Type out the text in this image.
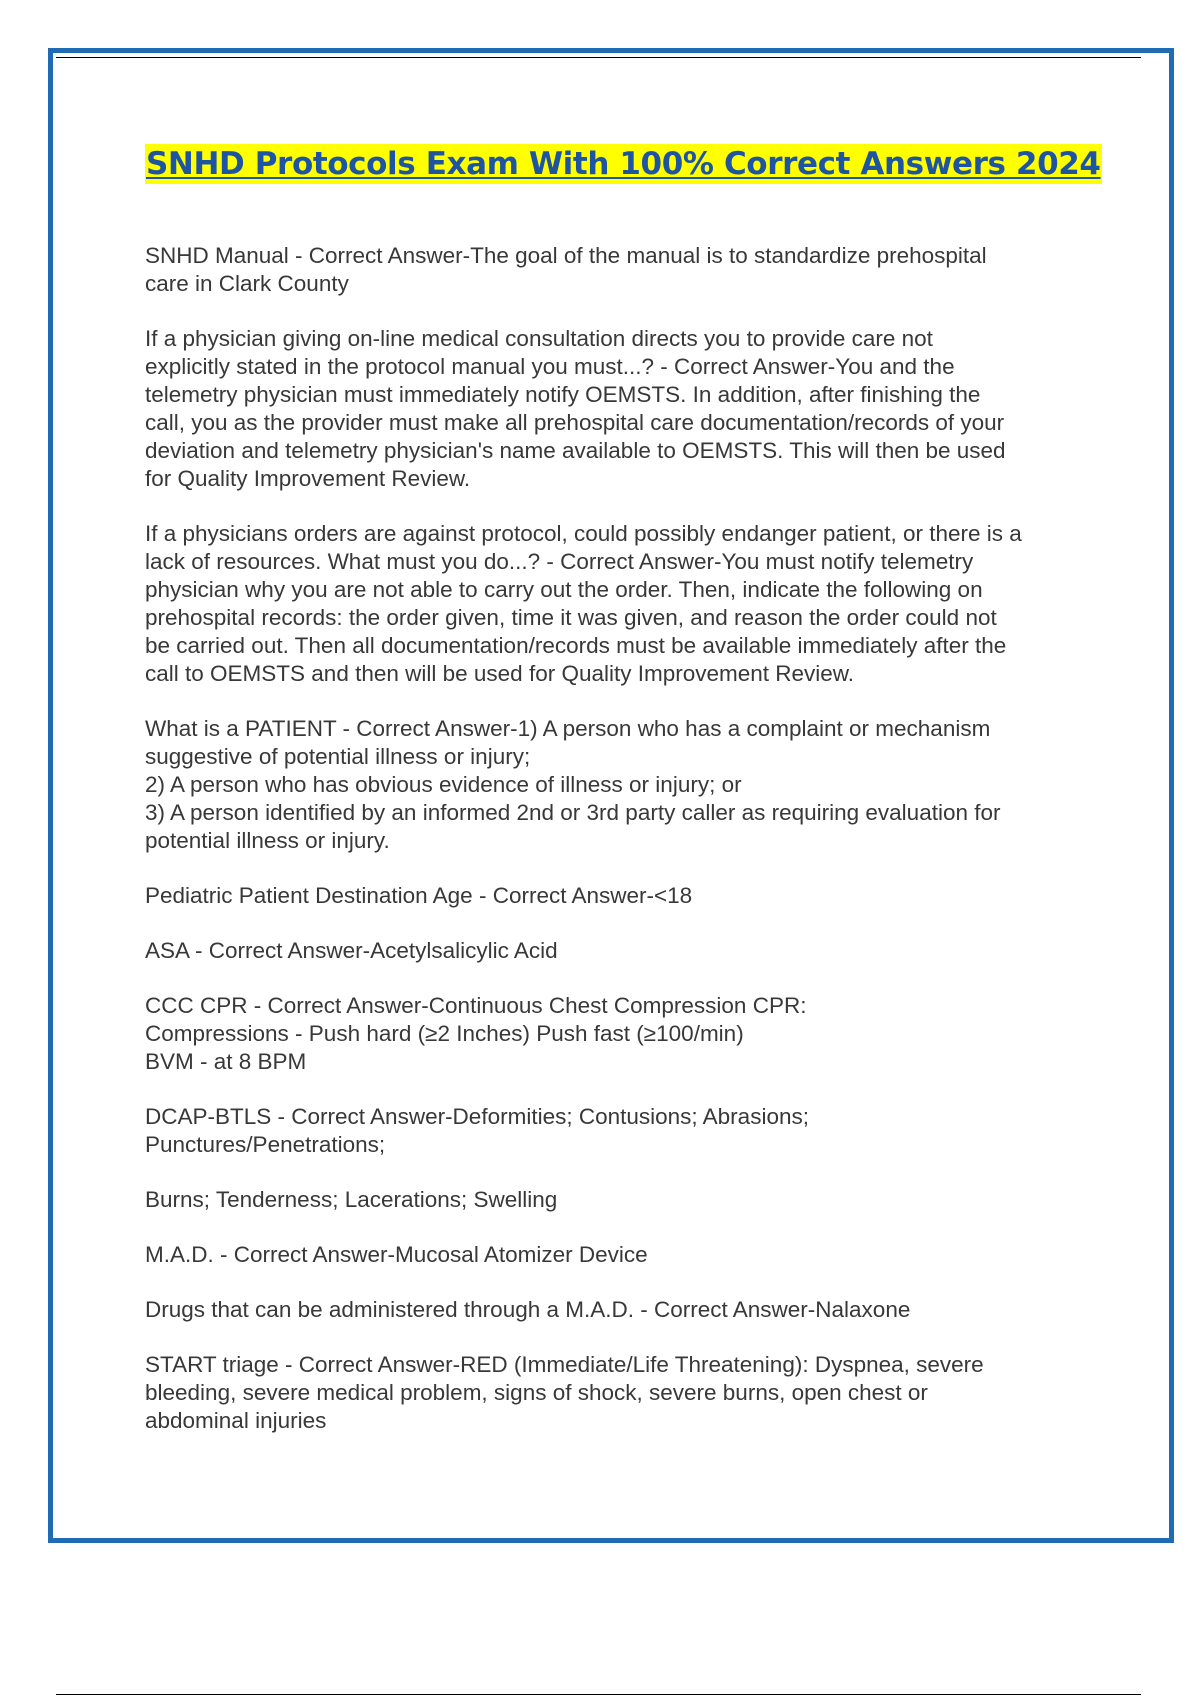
SNHD Protocols Exam With 100% Correct Answers 2024

SNHD Manual - Correct Answer-The goal of the manual is to standardize prehospital
care in Clark County

If a physician giving on-line medical consultation directs you to provide care not
explicitly stated in the protocol manual you must...? - Correct Answer-You and the
telemetry physician must immediately notify OEMSTS. In addition, after finishing the
call, you as the provider must make all prehospital care documentation/records of your
deviation and telemetry physician's name available to OEMSTS. This will then be used
for Quality Improvement Review.

If a physicians orders are against protocol, could possibly endanger patient, or there is a
lack of resources. What must you do...? - Correct Answer-You must notify telemetry
physician why you are not able to carry out the order. Then, indicate the following on
prehospital records: the order given, time it was given, and reason the order could not
be carried out. Then all documentation/records must be available immediately after the
call to OEMSTS and then will be used for Quality Improvement Review.

What is a PATIENT - Correct Answer-1) A person who has a complaint or mechanism
suggestive of potential illness or injury;
2) A person who has obvious evidence of illness or injury; or
3) A person identified by an informed 2nd or 3rd party caller as requiring evaluation for
potential illness or injury.

Pediatric Patient Destination Age - Correct Answer-<18

ASA - Correct Answer-Acetylsalicylic Acid

CCC CPR - Correct Answer-Continuous Chest Compression CPR:
Compressions - Push hard (≥2 Inches) Push fast (≥100/min)
BVM - at 8 BPM

DCAP-BTLS - Correct Answer-Deformities; Contusions; Abrasions;
Punctures/Penetrations;

Burns; Tenderness; Lacerations; Swelling

M.A.D. - Correct Answer-Mucosal Atomizer Device

Drugs that can be administered through a M.A.D. - Correct Answer-Nalaxone

START triage - Correct Answer-RED (Immediate/Life Threatening): Dyspnea, severe
bleeding, severe medical problem, signs of shock, severe burns, open chest or
abdominal injuries
